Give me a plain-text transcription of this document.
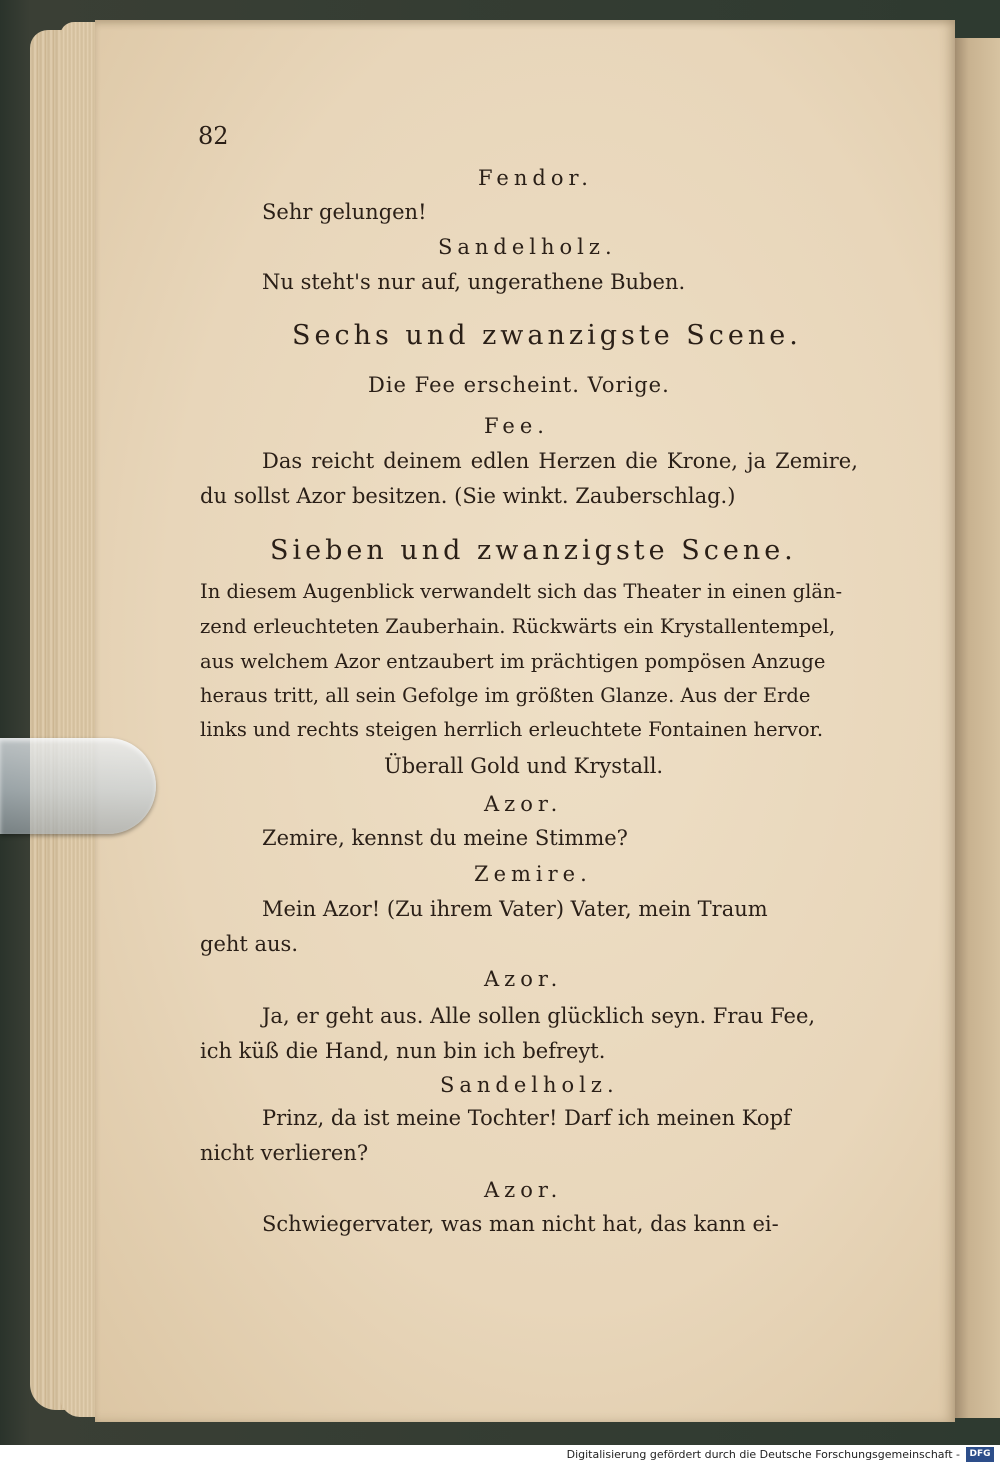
82
Fendor.
Sehr gelungen!
Sandelholz.
Nu steht's nur auf, ungerathene Buben.
Sechs und zwanzigste Scene.
Die Fee erscheint. Vorige.
Fee.
Das reicht deinem edlen Herzen die Krone, ja Zemire,
du sollst Azor besitzen. (Sie winkt. Zauberschlag.)
Sieben und zwanzigste Scene.
In diesem Augenblick verwandelt sich das Theater in einen glän-
zend erleuchteten Zauberhain. Rückwärts ein Krystallentempel,
aus welchem Azor entzaubert im prächtigen pompösen Anzuge
heraus tritt, all sein Gefolge im größten Glanze. Aus der Erde
links und rechts steigen herrlich erleuchtete Fontainen hervor.
Überall Gold und Krystall.
Azor.
Zemire, kennst du meine Stimme?
Zemire.
Mein Azor! (Zu ihrem Vater) Vater, mein Traum
geht aus.
Azor.
Ja, er geht aus. Alle sollen glücklich seyn. Frau Fee,
ich küß die Hand, nun bin ich befreyt.
Sandelholz.
Prinz, da ist meine Tochter! Darf ich meinen Kopf
nicht verlieren?
Azor.
Schwiegervater, was man nicht hat, das kann ei-
Digitalisierung gefördert durch die Deutsche Forschungsgemeinschaft -	DFG
